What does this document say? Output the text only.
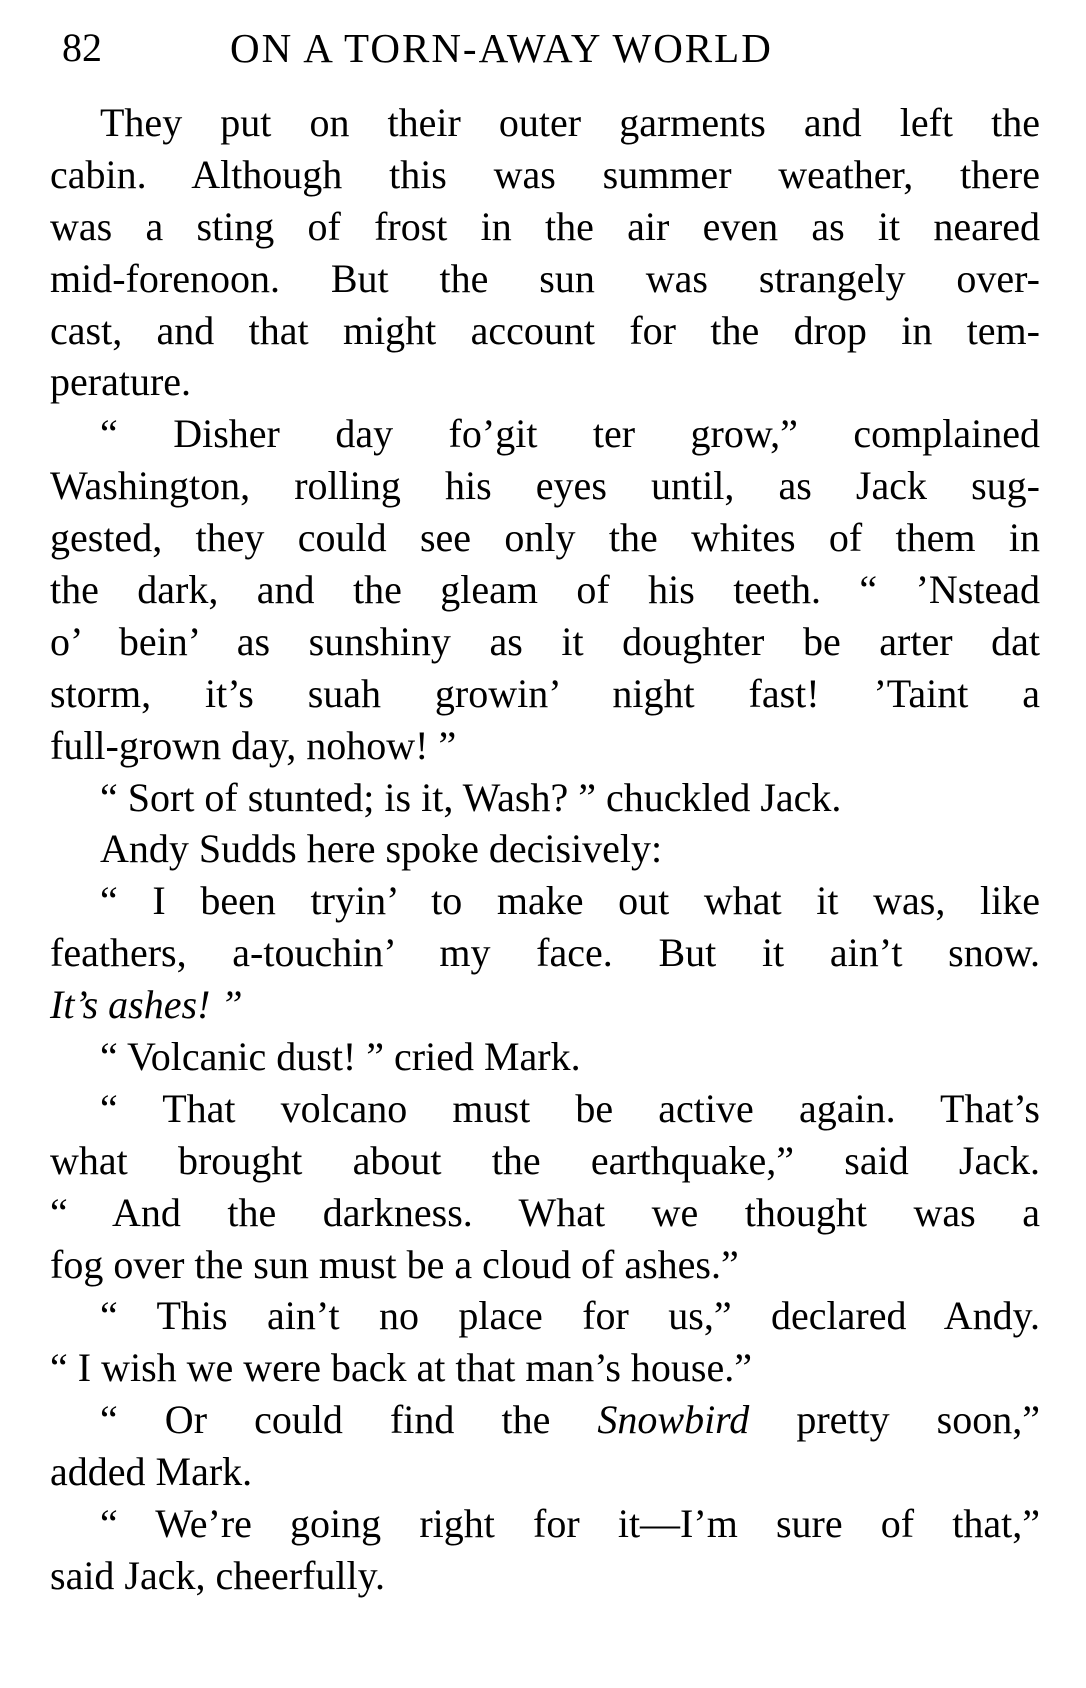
82	ON A TORN-AWAY WORLD
They put on their outer garments and left the
cabin. Although this was summer weather, there
was a sting of frost in the air even as it neared
mid-forenoon. But the sun was strangely over-
cast, and that might account for the drop in tem-
perature.
“ Disher day fo’git ter grow,” complained
Washington, rolling his eyes until, as Jack sug-
gested, they could see only the whites of them in
the dark, and the gleam of his teeth. “ ’Nstead
o’ bein’ as sunshiny as it doughter be arter dat
storm, it’s suah growin’ night fast! ’Taint a
full-grown day, nohow! ”
“ Sort of stunted; is it, Wash? ” chuckled Jack.
Andy Sudds here spoke decisively:
“ I been tryin’ to make out what it was, like
feathers, a-touchin’ my face. But it ain’t snow.
It’s ashes! ”
“ Volcanic dust! ” cried Mark.
“ That volcano must be active again. That’s
what brought about the earthquake,” said Jack.
“ And the darkness. What we thought was a
fog over the sun must be a cloud of ashes.”
“ This ain’t no place for us,” declared Andy.
“ I wish we were back at that man’s house.”
“ Or could find the Snowbird pretty soon,”
added Mark.
“ We’re going right for it—I’m sure of that,”
said Jack, cheerfully.
